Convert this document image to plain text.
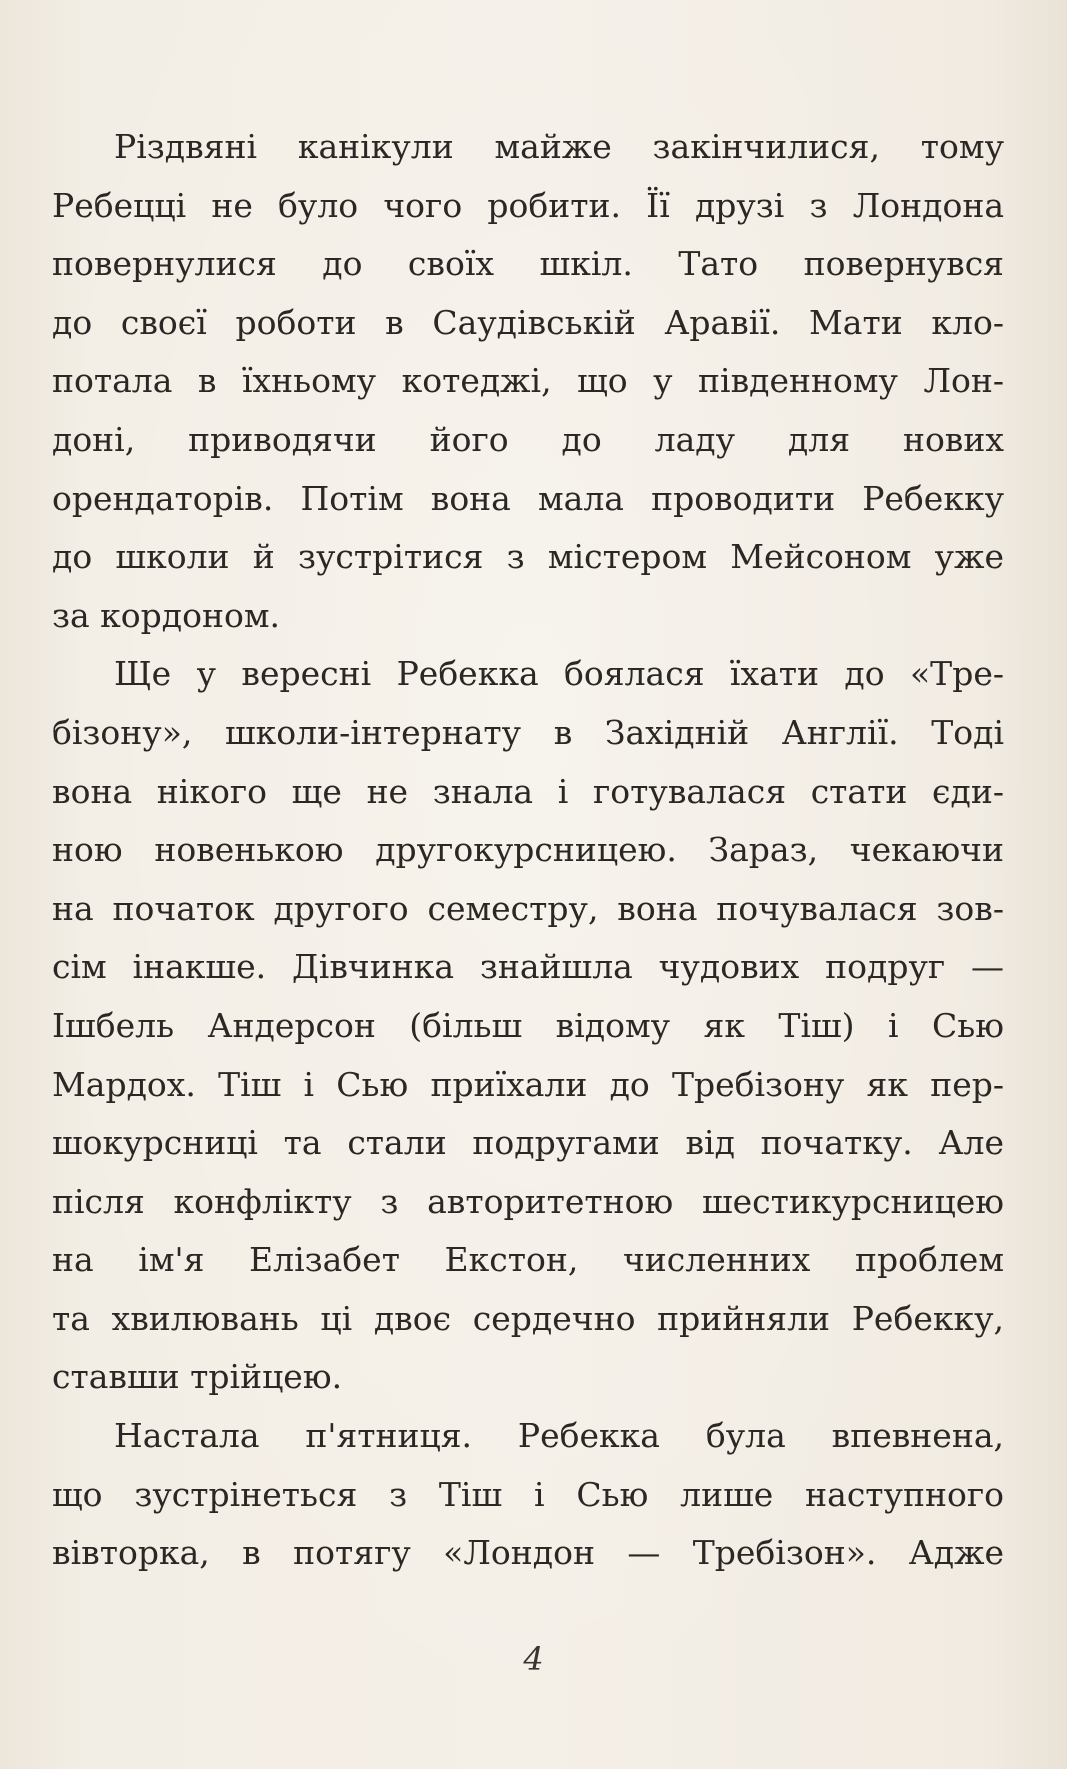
Різдвяні канікули майже закінчилися, тому
Ребецці не було чого робити. Її друзі з Лондона
повернулися до своїх шкіл. Тато повернувся
до своєї роботи в Саудівській Аравії. Мати кло-
потала в їхньому котеджі, що у південному Лон-
доні, приводячи його до ладу для нових
орендаторів. Потім вона мала проводити Ребекку
до школи й зустрітися з містером Мейсоном уже
за кордоном.
Ще у вересні Ребекка боялася їхати до «Тре-
бізону», школи-інтернату в Західній Англії. Тоді
вона нікого ще не знала і готувалася стати єди-
ною новенькою другокурсницею. Зараз, чекаючи
на початок другого семестру, вона почувалася зов-
сім інакше. Дівчинка знайшла чудових подруг —
Ішбель Андерсон (більш відому як Тіш) і Сью
Мардох. Тіш і Сью приїхали до Требізону як пер-
шокурсниці та стали подругами від початку. Але
після конфлікту з авторитетною шестикурсницею
на ім'я Елізабет Екстон, численних проблем
та хвилювань ці двоє сердечно прийняли Ребекку,
ставши трійцею.
Настала п'ятниця. Ребекка була впевнена,
що зустрінеться з Тіш і Сью лише наступного
вівторка, в потягу «Лондон — Требізон». Адже
4
